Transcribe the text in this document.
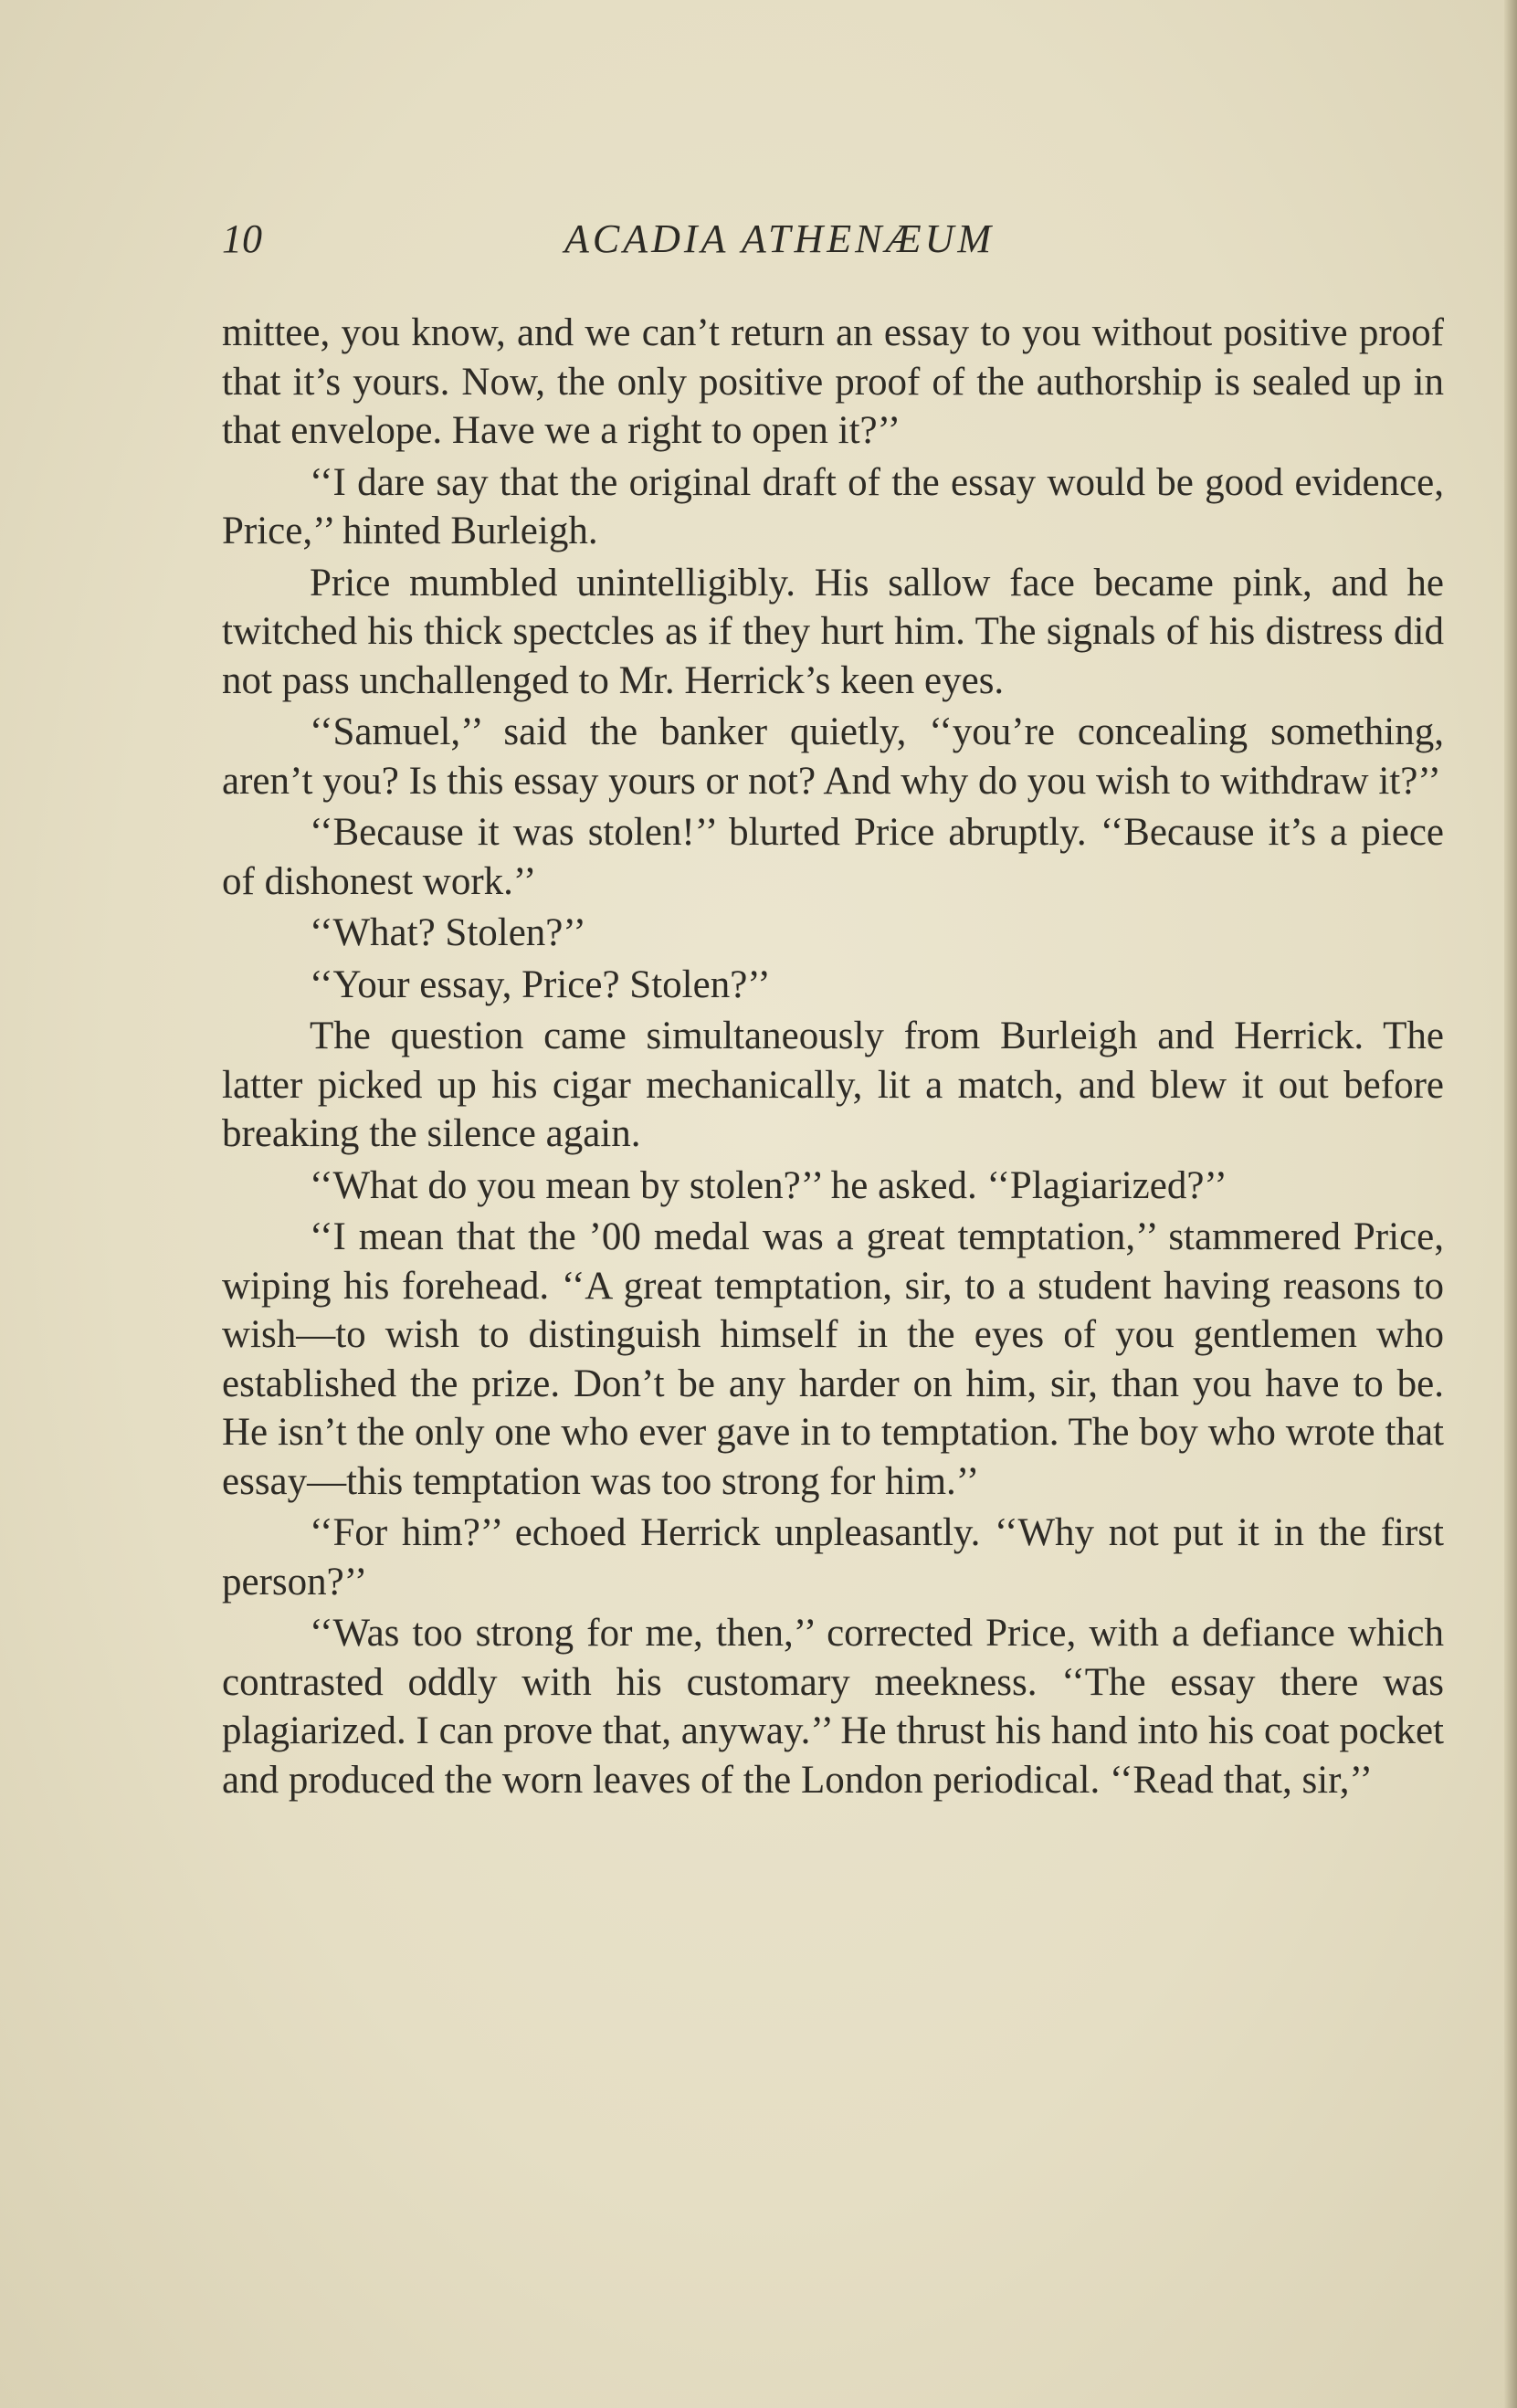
10	ACADIA ATHENÆUM

mittee, you know, and we can’t return an essay to you without positive proof that it’s yours. Now, the only positive proof of the authorship is sealed up in that envelope. Have we a right to open it?’’

‘‘I dare say that the original draft of the essay would be good evidence, Price,’’ hinted Burleigh.

Price mumbled unintelligibly. His sallow face became pink, and he twitched his thick spectcles as if they hurt him. The signals of his distress did not pass unchallenged to Mr. Herrick’s keen eyes.

‘‘Samuel,’’ said the banker quietly, ‘‘you’re concealing something, aren’t you? Is this essay yours or not? And why do you wish to withdraw it?’’

‘‘Because it was stolen!’’ blurted Price abruptly. ‘‘Because it’s a piece of dishonest work.’’

‘‘What? Stolen?’’

‘‘Your essay, Price? Stolen?’’

The question came simultaneously from Burleigh and Herrick. The latter picked up his cigar mechanically, lit a match, and blew it out before breaking the silence again.

‘‘What do you mean by stolen?’’ he asked. ‘‘Plagiarized?’’

‘‘I mean that the ’00 medal was a great temptation,’’ stammered Price, wiping his forehead. ‘‘A great temptation, sir, to a student having reasons to wish—to wish to distinguish himself in the eyes of you gentlemen who established the prize. Don’t be any harder on him, sir, than you have to be. He isn’t the only one who ever gave in to temptation. The boy who wrote that essay—this temptation was too strong for him.’’

‘‘For him?’’ echoed Herrick unpleasantly. ‘‘Why not put it in the first person?’’

‘‘Was too strong for me, then,’’ corrected Price, with a defiance which contrasted oddly with his customary meekness. ‘‘The essay there was plagiarized. I can prove that, anyway.’’ He thrust his hand into his coat pocket and produced the worn leaves of the London periodical. ‘‘Read that, sir,’’
